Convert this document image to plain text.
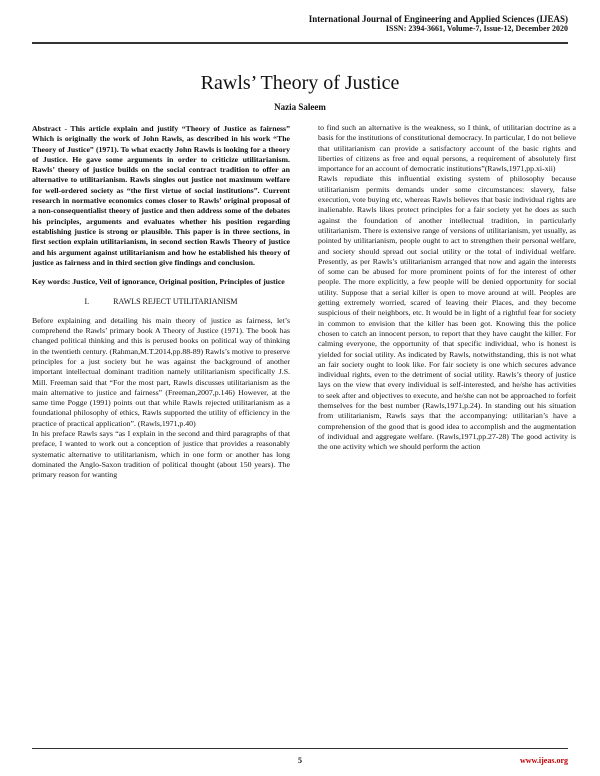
International Journal of Engineering and Applied Sciences (IJEAS)
ISSN: 2394-3661, Volume-7, Issue-12, December 2020
Rawls’ Theory of Justice
Nazia Saleem

Abstract - This article explain and justify “Theory of Justice as fairness” Which is originally the work of John Rawls, as described in his work “The Theory of Justice” (1971). To what exactly John Rawls is looking for a theory of Justice. He gave some arguments in order to criticize utilitarianism. Rawls’ theory of justice builds on the social contract tradition to offer an alternative to utilitarianism. Rawls singles out justice not maximum welfare for well-ordered society as “the first virtue of social institutions”. Current research in normative economics comes closer to Rawls’ original proposal of a non-consequentialist theory of justice and then address some of the debates his principles, arguments and evaluates whether his position regarding establishing justice is strong or plausible. This paper is in three sections, in first section explain utilitarianism, in second section Rawls Theory of justice and his argument against utilitarianism and how he established his theory of justice as fairness and in third section give findings and conclusion.

Key words: Justice, Veil of ignorance, Original position, Principles of justice

I.	RAWLS REJECT UTILITARIANISM

Before explaining and detailing his main theory of justice as fairness, let’s comprehend the Rawls’ primary book A Theory of Justice (1971). The book has changed political thinking and this is perused books on political way of thinking in the twentieth century. (Rahman,M.T.2014,pp.88-89) Rawls’s motive to preserve principles for a just society but he was against the background of another important intellectual dominant tradition namely utilitarianism specifically J.S. Mill. Freeman said that “For the most part, Rawls discusses utilitarianism as the main alternative to justice and fairness” (Freeman,2007,p.146) However, at the same time Pogge (1991) points out that while Rawls rejected utilitarianism as a foundational philosophy of ethics, Rawls supported the utility of efficiency in the practice of practical application”. (Rawls,1971,p.40)

In his preface Rawls says “as I explain in the second and third paragraphs of that preface, I wanted to work out a conception of justice that provides a reasonably systematic alternative to utilitarianism, which in one form or another has long dominated the Anglo-Saxon tradition of political thought (about 150 years). The primary reason for wanting

to find such an alternative is the weakness, so I think, of utilitarian doctrine as a basis for the institutions of constitutional democracy. In particular, I do not believe that utilitarianism can provide a satisfactory account of the basic rights and liberties of citizens as free and equal persons, a requirement of absolutely first importance for an account of democratic institutions”(Rawls,1971,pp.xi-xii)

Rawls repudiate this influential existing system of philosophy because utilitarianism permits demands under some circumstances: slavery, false execution, vote buying etc, whereas Rawls believes that basic individual rights are inalienable. Rawls likes protect principles for a fair society yet he does as such against the foundation of another intellectual tradition, in particularly utilitarianism. There is extensive range of versions of utilitarianism, yet usually, as pointed by utilitarianism, people ought to act to strengthen their personal welfare, and society should spread out social utility or the total of individual welfare. Presently, as per Rawls’s utilitarianism arranged that now and again the interests of some can be abused for more prominent points of for the interest of other people. The more explicitly, a few people will be denied opportunity for social utility. Suppose that a serial killer is open to move around at will. Peoples are getting extremely worried, scared of leaving their Places, and they become suspicious of their neighbors, etc. It would be in light of a rightful fear for society in common to envision that the killer has been got. Knowing this the police chosen to catch an innocent person, to report that they have caught the killer. For calming everyone, the opportunity of that specific individual, who is honest is yielded for social utility. As indicated by Rawls, notwithstanding, this is not what an fair society ought to look like. For fair society is one which secures advance individual rights, even to the detriment of social utility. Rawls’s theory of justice lays on the view that every individual is self-interested, and he/she has activities to seek after and objectives to execute, and he/she can not be approached to forfeit themselves for the best number (Rawls,1971,p.24). In standing out his situation from utilitarianism, Rawls says that the accompanying: utilitarian’s have a comprehension of the good that is good idea to accomplish and the augmentation of individual and aggregate welfare. (Rawls,1971,pp.27-28) The good activity is the one activity which we should perform the action

5	www.ijeas.org
